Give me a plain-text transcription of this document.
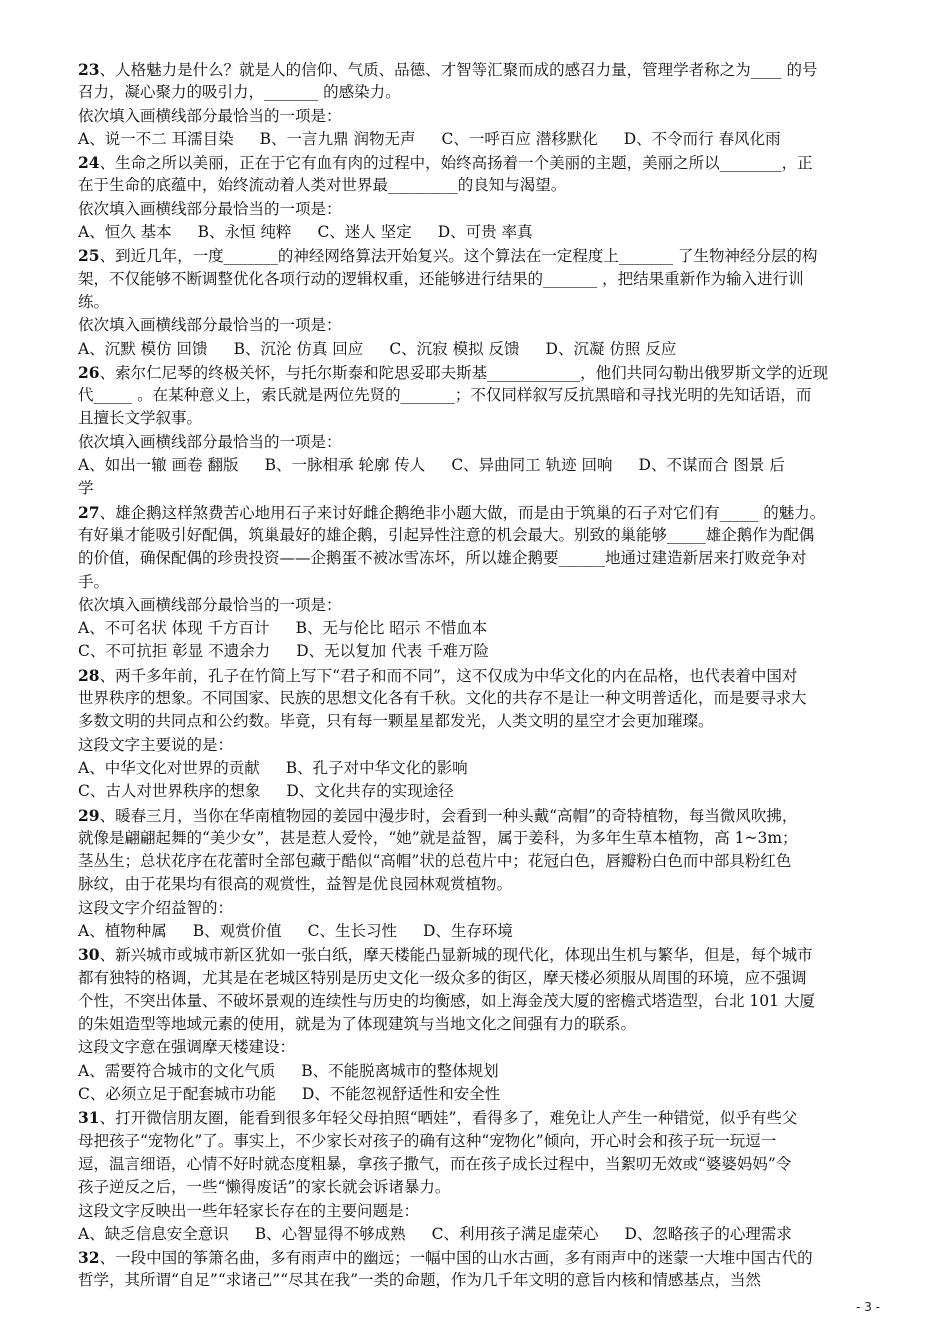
23、人格魅力是什么？就是人的信仰、气质、品德、才智等汇聚而成的感召力量，管理学者称之为____ 的号
召力，凝心聚力的吸引力，_______ 的感染力。
依次填入画横线部分最恰当的一项是：
A、说一不二 耳濡目染 B、一言九鼎 润物无声 C、一呼百应 潜移默化 D、不令而行 春风化雨
24、生命之所以美丽，正在于它有血有肉的过程中，始终高扬着一个美丽的主题，美丽之所以________，正
在于生命的底蕴中，始终流动着人类对世界最_________的良知与渴望。
依次填入画横线部分最恰当的一项是：
A、恒久 基本 B、永恒 纯粹 C、迷人 坚定 D、可贵 率真
25、到近几年，一度_______的神经网络算法开始复兴。这个算法在一定程度上_______ 了生物神经分层的构
架，不仅能够不断调整优化各项行动的逻辑权重，还能够进行结果的_______ ，把结果重新作为输入进行训
练。
依次填入画横线部分最恰当的一项是：
A、沉默 模仿 回馈 B、沉沦 仿真 回应 C、沉寂 模拟 反馈 D、沉凝 仿照 反应
26、索尔仁尼琴的终极关怀，与托尔斯泰和陀思妥耶夫斯基____________，他们共同勾勒出俄罗斯文学的近现
代_____ 。在某种意义上，索氏就是两位先贤的_______；不仅同样叙写反抗黑暗和寻找光明的先知话语，而
且擅长文学叙事。
依次填入画横线部分最恰当的一项是：
A、如出一辙 画卷 翻版 B、一脉相承 轮廓 传人 C、异曲同工 轨迹 回响 D、不谋而合 图景 后
学
27、雄企鹅这样煞费苦心地用石子来讨好雌企鹅绝非小题大做，而是由于筑巢的石子对它们有_____ 的魅力。
有好巢才能吸引好配偶，筑巢最好的雄企鹅，引起异性注意的机会最大。别致的巢能够_____雄企鹅作为配偶
的价值，确保配偶的珍贵投资——企鹅蛋不被冰雪冻坏，所以雄企鹅要______地通过建造新居来打败竞争对
手。
依次填入画横线部分最恰当的一项是：
A、不可名状 体现 千方百计 B、无与伦比 昭示 不惜血本
C、不可抗拒 彰显 不遗余力 D、无以复加 代表 千难万险
28、两千多年前，孔子在竹简上写下“君子和而不同”，这不仅成为中华文化的内在品格，也代表着中国对
世界秩序的想象。不同国家、民族的思想文化各有千秋。文化的共存不是让一种文明普适化，而是要寻求大
多数文明的共同点和公约数。毕竟，只有每一颗星星都发光，人类文明的星空才会更加璀璨。
这段文字主要说的是：
A、中华文化对世界的贡献 B、孔子对中华文化的影响
C、古人对世界秩序的想象 D、文化共存的实现途径
29、暖春三月，当你在华南植物园的姜园中漫步时，会看到一种头戴“高帽”的奇特植物，每当微风吹拂，
就像是翩翩起舞的“美少女”，甚是惹人爱怜，“她”就是益智，属于姜科，为多年生草本植物，高 1~3m；
茎丛生；总状花序在花蕾时全部包藏于酷似“高帽”状的总苞片中；花冠白色，唇瓣粉白色而中部具粉红色
脉纹，由于花果均有很高的观赏性，益智是优良园林观赏植物。
这段文字介绍益智的：
A、植物种属 B、观赏价值 C、生长习性 D、生存环境
30、新兴城市或城市新区犹如一张白纸，摩天楼能凸显新城的现代化，体现出生机与繁华，但是，每个城市
都有独特的格调，尤其是在老城区特别是历史文化一级众多的街区，摩天楼必须服从周围的环境，应不强调
个性，不突出体量、不破坏景观的连续性与历史的均衡感，如上海金茂大厦的密檐式塔造型，台北 101 大厦
的朱姐造型等地域元素的使用，就是为了体现建筑与当地文化之间强有力的联系。
这段文字意在强调摩天楼建设：
A、需要符合城市的文化气质 B、不能脱离城市的整体规划
C、必须立足于配套城市功能 D、不能忽视舒适性和安全性
31、打开微信朋友圈，能看到很多年轻父母拍照“晒娃”，看得多了，难免让人产生一种错觉，似乎有些父
母把孩子“宠物化”了。事实上，不少家长对孩子的确有这种“宠物化”倾向，开心时会和孩子玩一玩逗一
逗，温言细语，心情不好时就态度粗暴，拿孩子撒气，而在孩子成长过程中，当絮叨无效或“婆婆妈妈”令
孩子逆反之后，一些“懒得废话”的家长就会诉诸暴力。
这段文字反映出一些年轻家长存在的主要问题是：
A、缺乏信息安全意识 B、心智显得不够成熟 C、利用孩子满足虚荣心 D、忽略孩子的心理需求
32、一段中国的筝箫名曲，多有雨声中的幽远；一幅中国的山水古画，多有雨声中的迷蒙一大堆中国古代的
哲学，其所谓“自足”“求诸己”“尽其在我”一类的命题，作为几千年文明的意旨内核和情感基点，当然
- 3 -
